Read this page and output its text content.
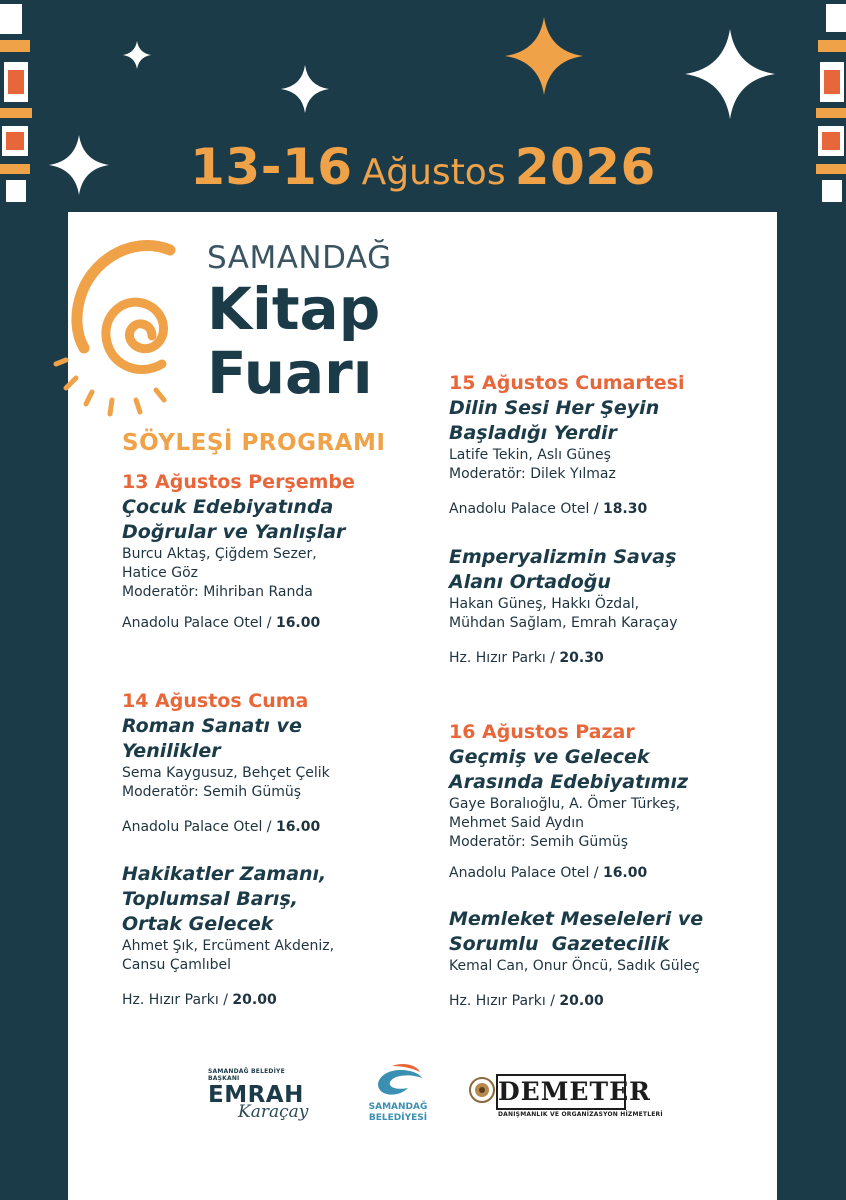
13-16 Ağustos 2026
SAMANDAĞ
Kitap
Fuarı
SÖYLEŞİ PROGRAMI
13 Ağustos Perşembe
Çocuk Edebiyatında
Doğrular ve Yanlışlar
Burcu Aktaş, Çiğdem Sezer,
Hatice Göz
Moderatör: Mihriban Randa
Anadolu Palace Otel / 16.00
14 Ağustos Cuma
Roman Sanatı ve
Yenilikler
Sema Kaygusuz, Behçet Çelik
Moderatör: Semih Gümüş
Anadolu Palace Otel / 16.00
Hakikatler Zamanı,
Toplumsal Barış,
Ortak Gelecek
Ahmet Şık, Ercüment Akdeniz,
Cansu Çamlıbel
Hz. Hızır Parkı / 20.00
15 Ağustos Cumartesi
Dilin Sesi Her Şeyin
Başladığı Yerdir
Latife Tekin, Aslı Güneş
Moderatör: Dilek Yılmaz
Anadolu Palace Otel / 18.30
Emperyalizmin Savaş
Alanı Ortadoğu
Hakan Güneş, Hakkı Özdal,
Mühdan Sağlam, Emrah Karaçay
Hz. Hızır Parkı / 20.30
16 Ağustos Pazar
Geçmiş ve Gelecek
Arasında Edebiyatımız
Gaye Boralıoğlu, A. Ömer Türkeş,
Mehmet Said Aydın
Moderatör: Semih Gümüş
Anadolu Palace Otel / 16.00
Memleket Meseleleri ve
Sorumlu  Gazetecilik
Kemal Can, Onur Öncü, Sadık Güleç
Hz. Hızır Parkı / 20.00
SAMANDAĞ BELEDİYE BAŞKANI
EMRAH
Karaçay	SAMANDAĞ
BELEDİYESİ
DEMETER
DANIŞMANLIK VE ORGANİZASYON HİZMETLERİ
